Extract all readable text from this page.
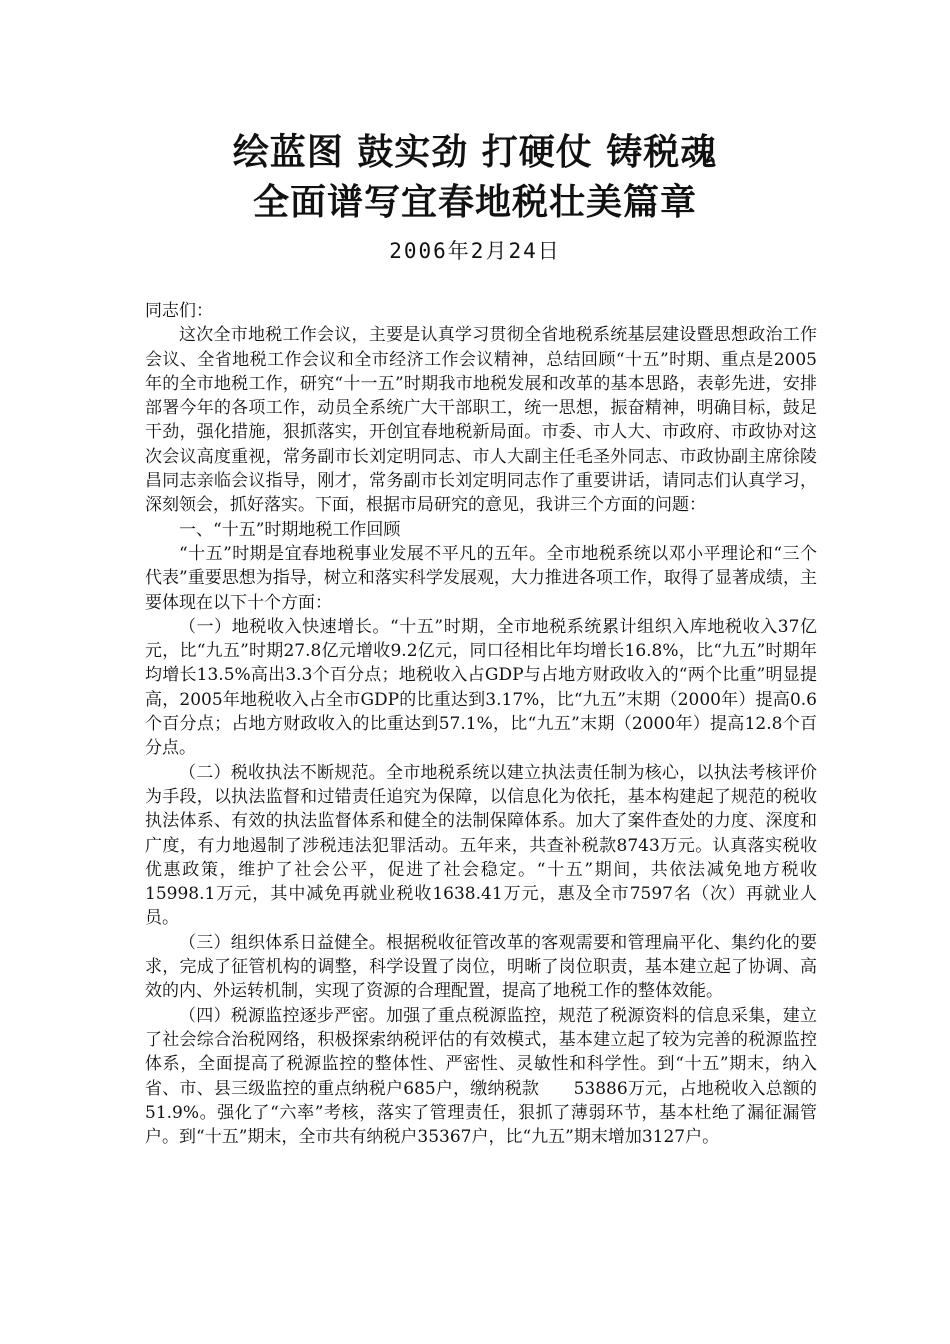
绘蓝图 鼓实劲 打硬仗 铸税魂
全面谱写宜春地税壮美篇章
2006年2月24日

同志们：

这次全市地税工作会议，主要是认真学习贯彻全省地税系统基层建设暨思想政治工作会议、全省地税工作会议和全市经济工作会议精神，总结回顾“十五”时期、重点是2005年的全市地税工作，研究“十一五”时期我市地税发展和改革的基本思路，表彰先进，安排部署今年的各项工作，动员全系统广大干部职工，统一思想，振奋精神，明确目标，鼓足干劲，强化措施，狠抓落实，开创宜春地税新局面。市委、市人大、市政府、市政协对这次会议高度重视，常务副市长刘定明同志、市人大副主任毛圣外同志、市政协副主席徐陵昌同志亲临会议指导，刚才，常务副市长刘定明同志作了重要讲话，请同志们认真学习，深刻领会，抓好落实。下面，根据市局研究的意见，我讲三个方面的问题：

一、“十五”时期地税工作回顾

“十五”时期是宜春地税事业发展不平凡的五年。全市地税系统以邓小平理论和“三个代表”重要思想为指导，树立和落实科学发展观，大力推进各项工作，取得了显著成绩，主要体现在以下十个方面：

（一）地税收入快速增长。“十五”时期，全市地税系统累计组织入库地税收入37亿元，比“九五”时期27.8亿元增收9.2亿元，同口径相比年均增长16.8%，比“九五”时期年均增长13.5%高出3.3个百分点；地税收入占GDP与占地方财政收入的“两个比重”明显提高，2005年地税收入占全市GDP的比重达到3.17%，比“九五”末期（2000年）提高0.6个百分点；占地方财政收入的比重达到57.1%，比“九五”末期（2000年）提高12.8个百分点。

（二）税收执法不断规范。全市地税系统以建立执法责任制为核心，以执法考核评价为手段，以执法监督和过错责任追究为保障，以信息化为依托，基本构建起了规范的税收执法体系、有效的执法监督体系和健全的法制保障体系。加大了案件查处的力度、深度和广度，有力地遏制了涉税违法犯罪活动。五年来，共查补税款8743万元。认真落实税收优惠政策，维护了社会公平，促进了社会稳定。“十五”期间，共依法减免地方税收15998.1万元，其中减免再就业税收1638.41万元，惠及全市7597名（次）再就业人员。

（三）组织体系日益健全。根据税收征管改革的客观需要和管理扁平化、集约化的要求，完成了征管机构的调整，科学设置了岗位，明晰了岗位职责，基本建立起了协调、高效的内、外运转机制，实现了资源的合理配置，提高了地税工作的整体效能。

（四）税源监控逐步严密。加强了重点税源监控，规范了税源资料的信息采集，建立了社会综合治税网络，积极探索纳税评估的有效模式，基本建立起了较为完善的税源监控体系，全面提高了税源监控的整体性、严密性、灵敏性和科学性。到“十五”期末，纳入省、市、县三级监控的重点纳税户685户，缴纳税款　　53886万元，占地税收入总额的51.9%。强化了“六率”考核，落实了管理责任，狠抓了薄弱环节，基本杜绝了漏征漏管户。到“十五”期末，全市共有纳税户35367户，比“九五”期末增加3127户。
